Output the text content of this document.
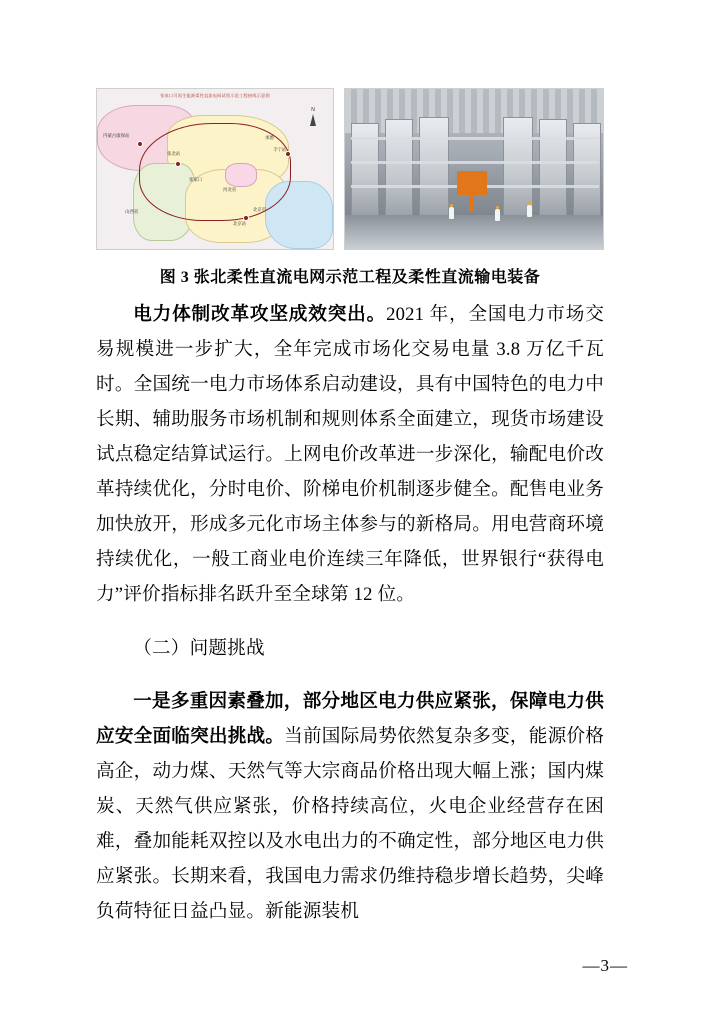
张家口可再生能源柔性直流电网试验示范工程接线示意图
内蒙古康保站
张北站
丰宁站
承德
河北省
北京市
北京站
山西省
张家口
N
图 3 张北柔性直流电网示范工程及柔性直流输电装备

电力体制改革攻坚成效突出。2021 年，全国电力市场交易规模进一步扩大，全年完成市场化交易电量 3.8 万亿千瓦时。全国统一电力市场体系启动建设，具有中国特色的电力中长期、辅助服务市场机制和规则体系全面建立，现货市场建设试点稳定结算试运行。上网电价改革进一步深化，输配电价改革持续优化，分时电价、阶梯电价机制逐步健全。配售电业务加快放开，形成多元化市场主体参与的新格局。用电营商环境持续优化，一般工商业电价连续三年降低，世界银行“获得电力”评价指标排名跃升至全球第 12 位。

（二）问题挑战

一是多重因素叠加，部分地区电力供应紧张，保障电力供应安全面临突出挑战。当前国际局势依然复杂多变，能源价格高企，动力煤、天然气等大宗商品价格出现大幅上涨；国内煤炭、天然气供应紧张，价格持续高位，火电企业经营存在困难，叠加能耗双控以及水电出力的不确定性，部分地区电力供应紧张。长期来看，我国电力需求仍维持稳步增长趋势，尖峰负荷特征日益凸显。新能源装机

—3—
